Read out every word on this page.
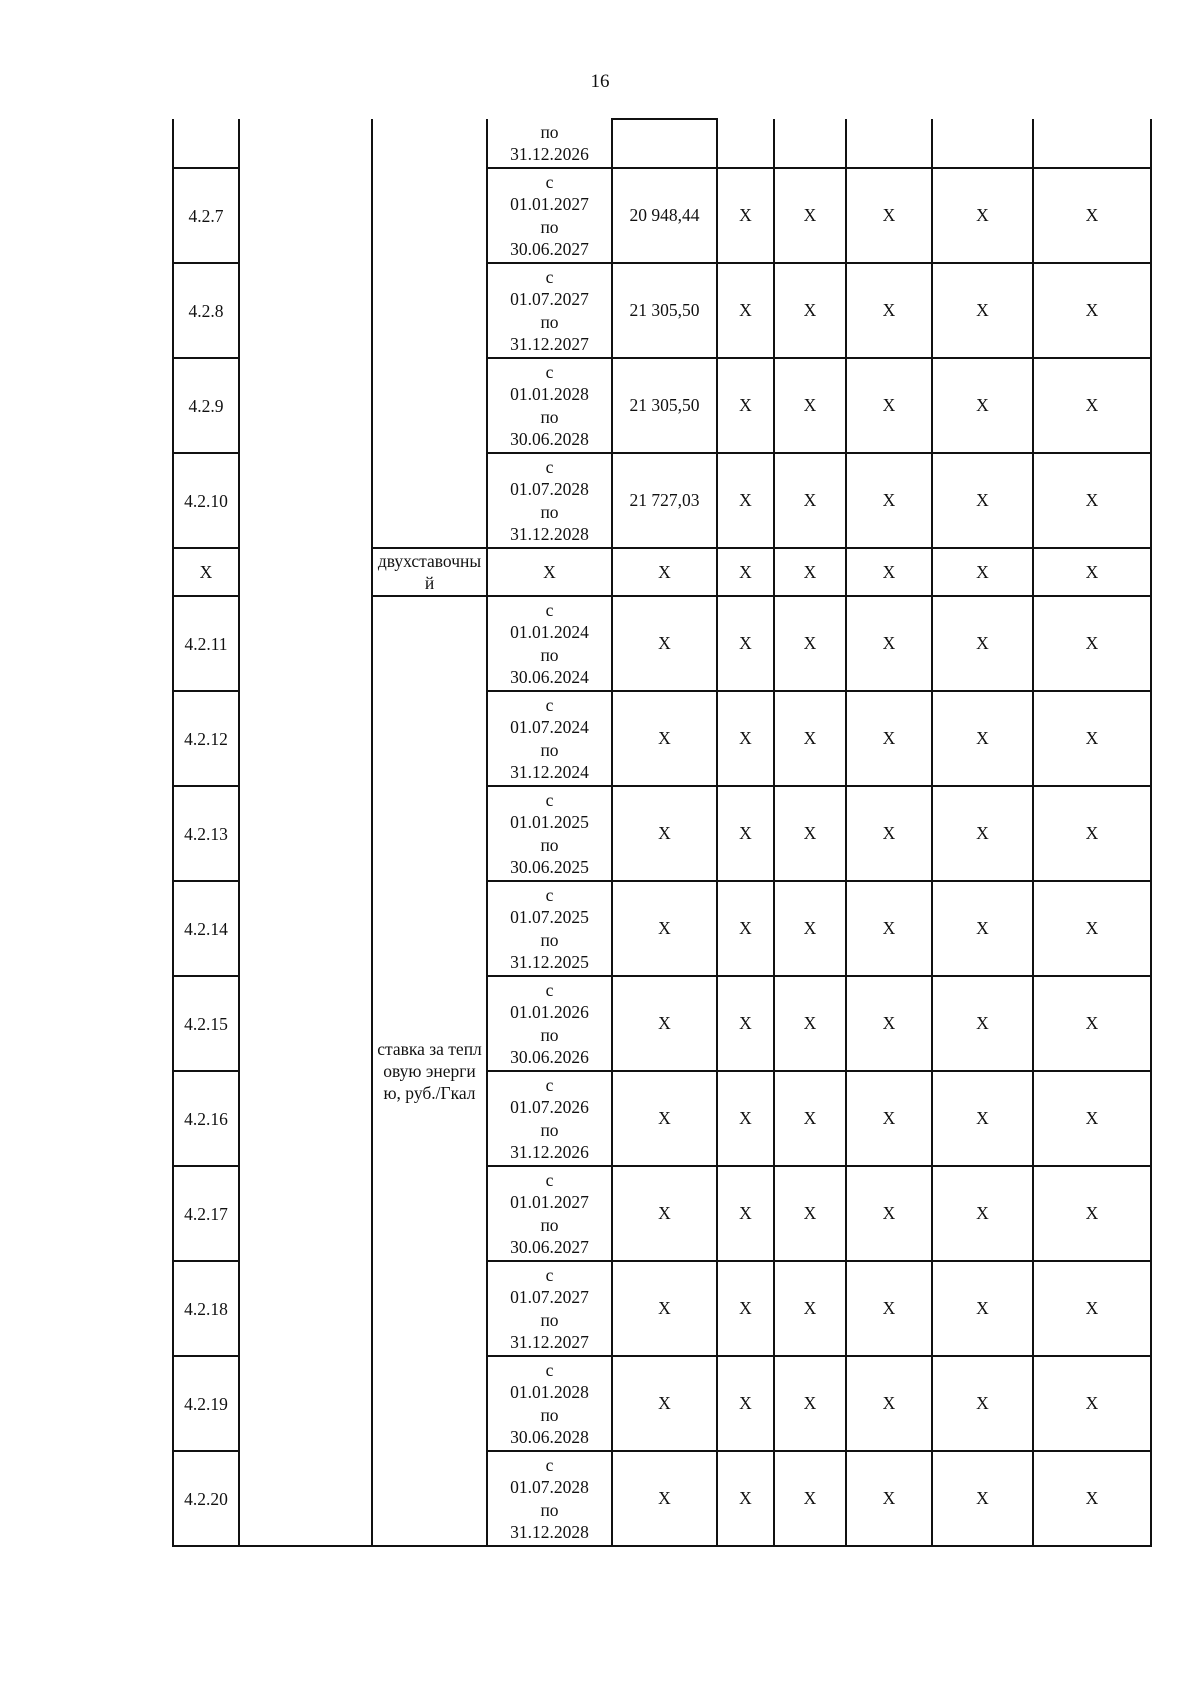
16
			по
31.12.2026						
4.2.7			с
01.01.2027
по
30.06.2027	20 948,44	Х	Х	Х	Х	Х
4.2.8			с
01.07.2027
по
31.12.2027	21 305,50	Х	Х	Х	Х	Х
4.2.9			с
01.01.2028
по
30.06.2028	21 305,50	Х	Х	Х	Х	Х
4.2.10			с
01.07.2028
по
31.12.2028	21 727,03	Х	Х	Х	Х	Х
Х		двухставочный	Х	Х	Х	Х	Х	Х	Х
4.2.11		ставка за тепловую энергию, руб./Гкал	с
01.01.2024
по
30.06.2024	Х	Х	Х	Х	Х	Х
4.2.12			с
01.07.2024
по
31.12.2024	Х	Х	Х	Х	Х	Х
4.2.13			с
01.01.2025
по
30.06.2025	Х	Х	Х	Х	Х	Х
4.2.14			с
01.07.2025
по
31.12.2025	Х	Х	Х	Х	Х	Х
4.2.15			с
01.01.2026
по
30.06.2026	Х	Х	Х	Х	Х	Х
4.2.16			с
01.07.2026
по
31.12.2026	Х	Х	Х	Х	Х	Х
4.2.17			с
01.01.2027
по
30.06.2027	Х	Х	Х	Х	Х	Х
4.2.18			с
01.07.2027
по
31.12.2027	Х	Х	Х	Х	Х	Х
4.2.19			с
01.01.2028
по
30.06.2028	Х	Х	Х	Х	Х	Х
4.2.20			с
01.07.2028
по
31.12.2028	Х	Х	Х	Х	Х	Х
